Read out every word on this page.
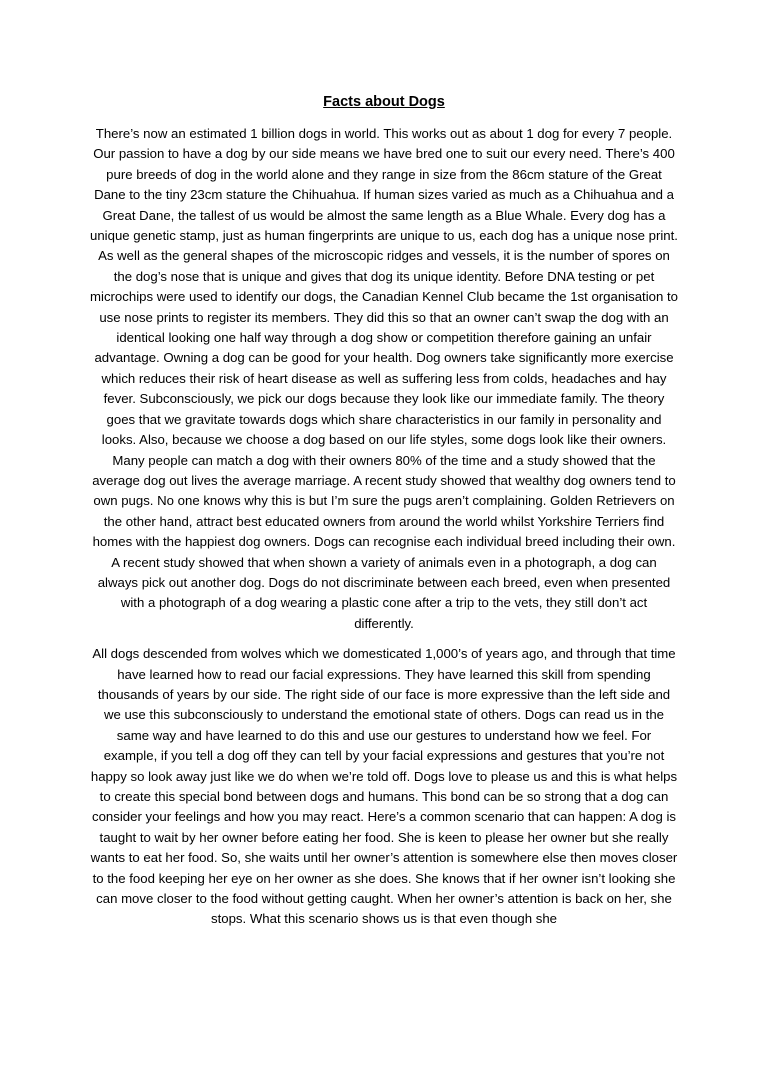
Facts about Dogs

There’s now an estimated 1 billion dogs in world. This works out as about 1 dog for every 7 people. Our passion to have a dog by our side means we have bred one to suit our every need. There’s 400 pure breeds of dog in the world alone and they range in size from the 86cm stature of the Great Dane to the tiny 23cm stature the Chihuahua. If human sizes varied as much as a Chihuahua and a Great Dane, the tallest of us would be almost the same length as a Blue Whale. Every dog has a unique genetic stamp, just as human fingerprints are unique to us, each dog has a unique nose print. As well as the general shapes of the microscopic ridges and vessels, it is the number of spores on the dog’s nose that is unique and gives that dog its unique identity. Before DNA testing or pet microchips were used to identify our dogs, the Canadian Kennel Club became the 1st organisation to use nose prints to register its members. They did this so that an owner can’t swap the dog with an identical looking one half way through a dog show or competition therefore gaining an unfair advantage. Owning a dog can be good for your health. Dog owners take significantly more exercise which reduces their risk of heart disease as well as suffering less from colds, headaches and hay fever. Subconsciously, we pick our dogs because they look like our immediate family. The theory goes that we gravitate towards dogs which share characteristics in our family in personality and looks. Also, because we choose a dog based on our life styles, some dogs look like their owners. Many people can match a dog with their owners 80% of the time and a study showed that the average dog out lives the average marriage. A recent study showed that wealthy dog owners tend to own pugs. No one knows why this is but I’m sure the pugs aren’t complaining. Golden Retrievers on the other hand, attract best educated owners from around the world whilst Yorkshire Terriers find homes with the happiest dog owners. Dogs can recognise each individual breed including their own. A recent study showed that when shown a variety of animals even in a photograph, a dog can always pick out another dog. Dogs do not discriminate between each breed, even when presented with a photograph of a dog wearing a plastic cone after a trip to the vets, they still don’t act differently.

All dogs descended from wolves which we domesticated 1,000’s of years ago, and through that time have learned how to read our facial expressions. They have learned this skill from spending thousands of years by our side. The right side of our face is more expressive than the left side and we use this subconsciously to understand the emotional state of others. Dogs can read us in the same way and have learned to do this and use our gestures to understand how we feel. For example, if you tell a dog off they can tell by your facial expressions and gestures that you’re not happy so look away just like we do when we’re told off. Dogs love to please us and this is what helps to create this special bond between dogs and humans. This bond can be so strong that a dog can consider your feelings and how you may react. Here’s a common scenario that can happen: A dog is taught to wait by her owner before eating her food. She is keen to please her owner but she really wants to eat her food. So, she waits until her owner’s attention is somewhere else then moves closer to the food keeping her eye on her owner as she does. She knows that if her owner isn’t looking she can move closer to the food without getting caught. When her owner’s attention is back on her, she stops. What this scenario shows us is that even though she
